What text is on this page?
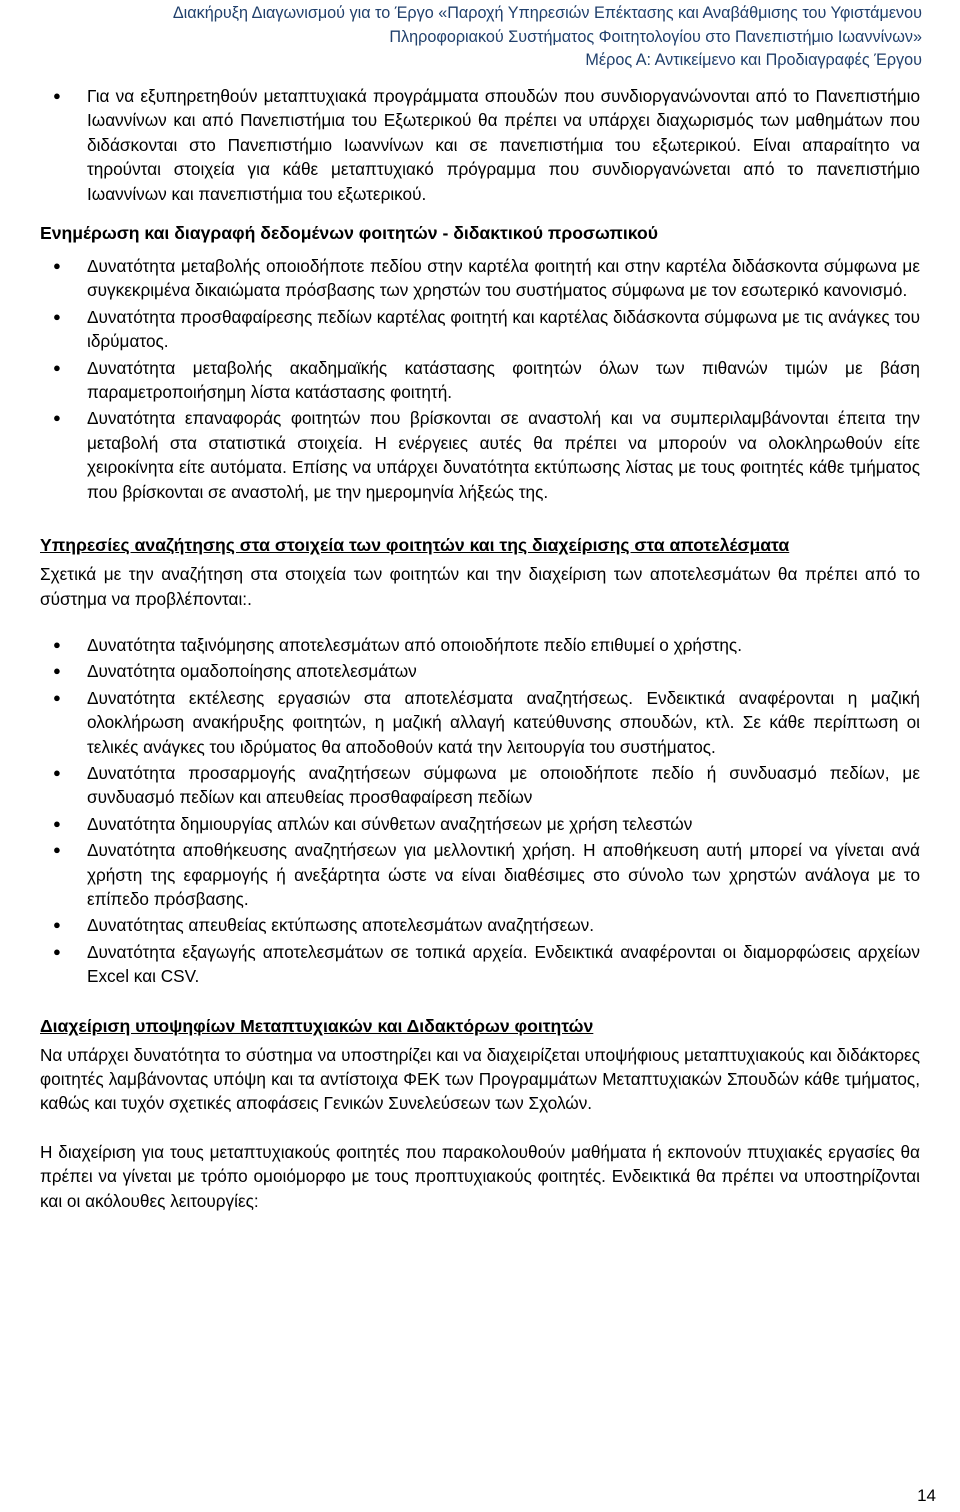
Διακήρυξη Διαγωνισμού για το Έργο «Παροχή Υπηρεσιών Επέκτασης και Αναβάθμισης του Υφιστάμενου
Πληροφοριακού Συστήματος Φοιτητολογίου στο Πανεπιστήμιο Ιωαννίνων»
Μέρος Α: Αντικείμενο και Προδιαγραφές Έργου
● Για να εξυπηρετηθούν μεταπτυχιακά προγράμματα σπουδών που συνδιοργανώνονται από το Πανεπιστήμιο Ιωαννίνων και από Πανεπιστήμια του Εξωτερικού θα πρέπει να υπάρχει διαχωρισμός των μαθημάτων που διδάσκονται στο Πανεπιστήμιο Ιωαννίνων και σε πανεπιστήμια του εξωτερικού. Είναι απαραίτητο να τηρούνται στοιχεία για κάθε μεταπτυχιακό πρόγραμμα που συνδιοργανώνεται από το πανεπιστήμιο Ιωαννίνων και πανεπιστήμια του εξωτερικού.
Ενημέρωση και διαγραφή δεδομένων φοιτητών - διδακτικού προσωπικού
● Δυνατότητα μεταβολής οποιοδήποτε πεδίου στην καρτέλα φοιτητή και στην καρτέλα διδάσκοντα σύμφωνα με συγκεκριμένα δικαιώματα πρόσβασης των χρηστών του συστήματος σύμφωνα με τον εσωτερικό κανονισμό.
● Δυνατότητα προσθαφαίρεσης πεδίων καρτέλας φοιτητή και καρτέλας διδάσκοντα σύμφωνα με τις ανάγκες του ιδρύματος.
● Δυνατότητα μεταβολής ακαδημαϊκής κατάστασης φοιτητών όλων των πιθανών τιμών με βάση παραμετροποιήσημη λίστα κατάστασης φοιτητή.
● Δυνατότητα επαναφοράς φοιτητών που βρίσκονται σε αναστολή και να συμπεριλαμβάνονται έπειτα την μεταβολή στα στατιστικά στοιχεία. Η ενέργειες αυτές θα πρέπει να μπορούν να ολοκληρωθούν είτε χειροκίνητα είτε αυτόματα. Επίσης να υπάρχει δυνατότητα εκτύπωσης λίστας με τους φοιτητές κάθε τμήματος που βρίσκονται σε αναστολή, με την ημερομηνία λήξεώς της.
Υπηρεσίες αναζήτησης στα στοιχεία των φοιτητών και της διαχείρισης στα αποτελέσματα

Σχετικά με την αναζήτηση στα στοιχεία των φοιτητών και την διαχείριση των αποτελεσμάτων θα πρέπει από το σύστημα να προβλέπονται:.

● Δυνατότητα ταξινόμησης αποτελεσμάτων από οποιοδήποτε πεδίο επιθυμεί ο χρήστης.
● Δυνατότητα ομαδοποίησης αποτελεσμάτων
● Δυνατότητα εκτέλεσης εργασιών στα αποτελέσματα αναζητήσεως. Ενδεικτικά αναφέρονται η μαζική ολοκλήρωση ανακήρυξης φοιτητών, η μαζική αλλαγή κατεύθυνσης σπουδών, κτλ. Σε κάθε περίπτωση οι τελικές ανάγκες του ιδρύματος θα αποδοθούν κατά την λειτουργία του συστήματος.
● Δυνατότητα προσαρμογής αναζητήσεων σύμφωνα με οποιοδήποτε πεδίο ή συνδυασμό πεδίων, με συνδυασμό πεδίων και απευθείας προσθαφαίρεση πεδίων
● Δυνατότητα δημιουργίας απλών και σύνθετων αναζητήσεων με χρήση τελεστών
● Δυνατότητα αποθήκευσης αναζητήσεων για μελλοντική χρήση. Η αποθήκευση αυτή μπορεί να γίνεται ανά χρήστη της εφαρμογής ή ανεξάρτητα ώστε να είναι διαθέσιμες στο σύνολο των χρηστών ανάλογα με το επίπεδο πρόσβασης.
● Δυνατότητας απευθείας εκτύπωσης αποτελεσμάτων αναζητήσεων.
● Δυνατότητα εξαγωγής αποτελεσμάτων σε τοπικά αρχεία. Ενδεικτικά αναφέρονται οι διαμορφώσεις αρχείων Excel και CSV.
Διαχείριση υποψηφίων Μεταπτυχιακών και Διδακτόρων φοιτητών

Να υπάρχει δυνατότητα το σύστημα να υποστηρίζει και να διαχειρίζεται υποψήφιους μεταπτυχιακούς και διδάκτορες φοιτητές λαμβάνοντας υπόψη και τα αντίστοιχα ΦΕΚ των Προγραμμάτων Μεταπτυχιακών Σπουδών κάθε τμήματος, καθώς και τυχόν σχετικές αποφάσεις Γενικών Συνελεύσεων των Σχολών.

Η διαχείριση για τους μεταπτυχιακούς φοιτητές που παρακολουθούν μαθήματα ή εκπονούν πτυχιακές εργασίες θα πρέπει να γίνεται με τρόπο ομοιόμορφο με τους προπτυχιακούς φοιτητές. Ενδεικτικά θα πρέπει να υποστηρίζονται και οι ακόλουθες λειτουργίες:

14
